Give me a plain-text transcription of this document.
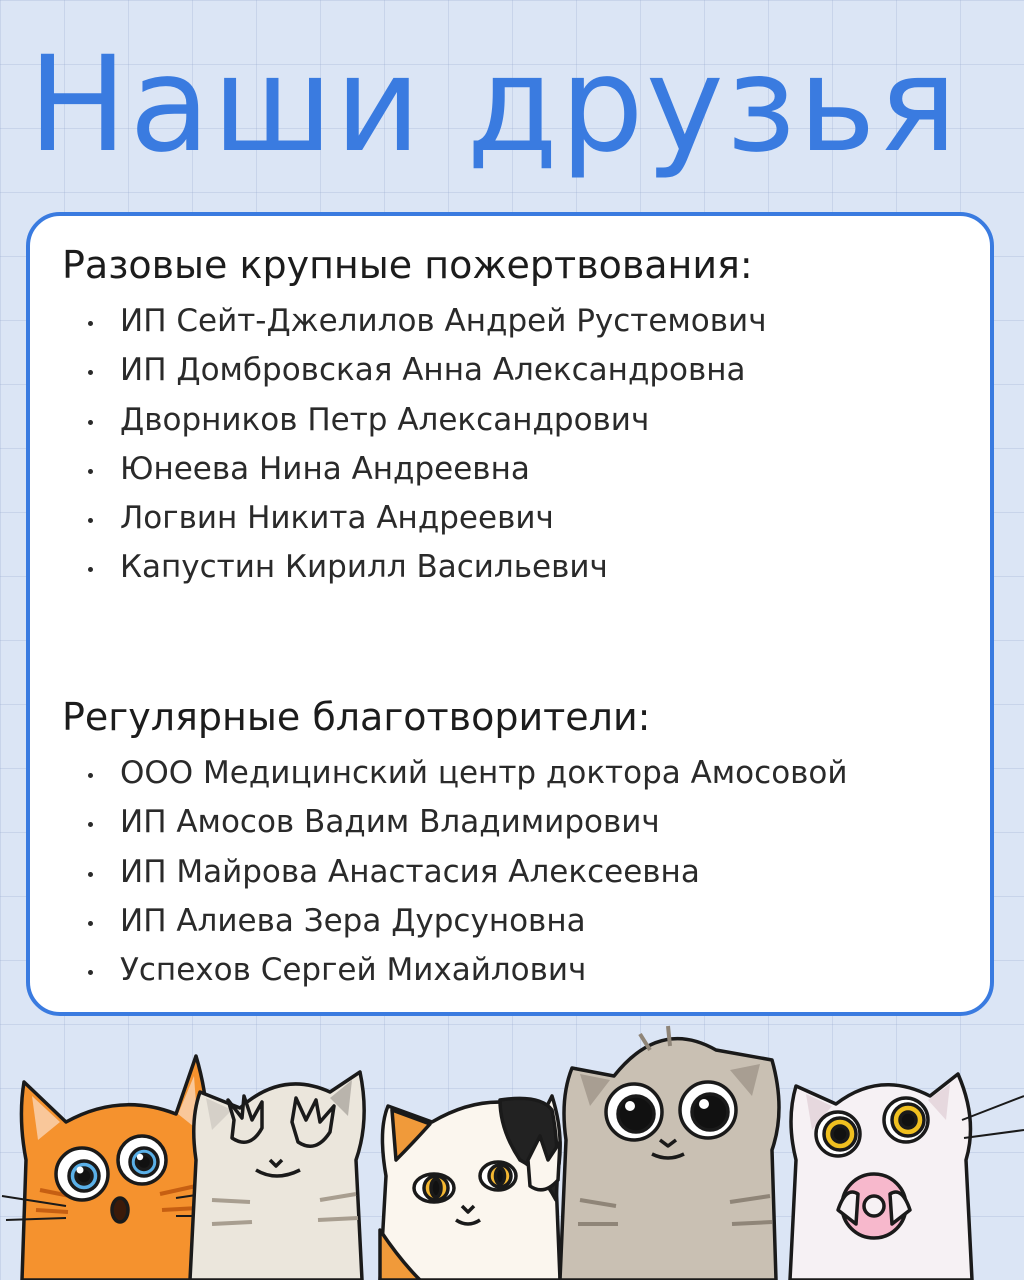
Наши друзья
Разовые крупные пожертвования:
ИП Сейт-Джелилов Андрей Рустемович
ИП Домбровская Анна Александровна
Дворников Петр Александрович
Юнеева Нина Андреевна
Логвин Никита Андреевич
Капустин Кирилл Васильевич
Регулярные благотворители:
ООО Медицинский центр доктора Амосовой
ИП Амосов Вадим Владимирович
ИП Майрова Анастасия Алексеевна
ИП Алиева Зера Дурсуновна
Успехов Сергей Михайлович
